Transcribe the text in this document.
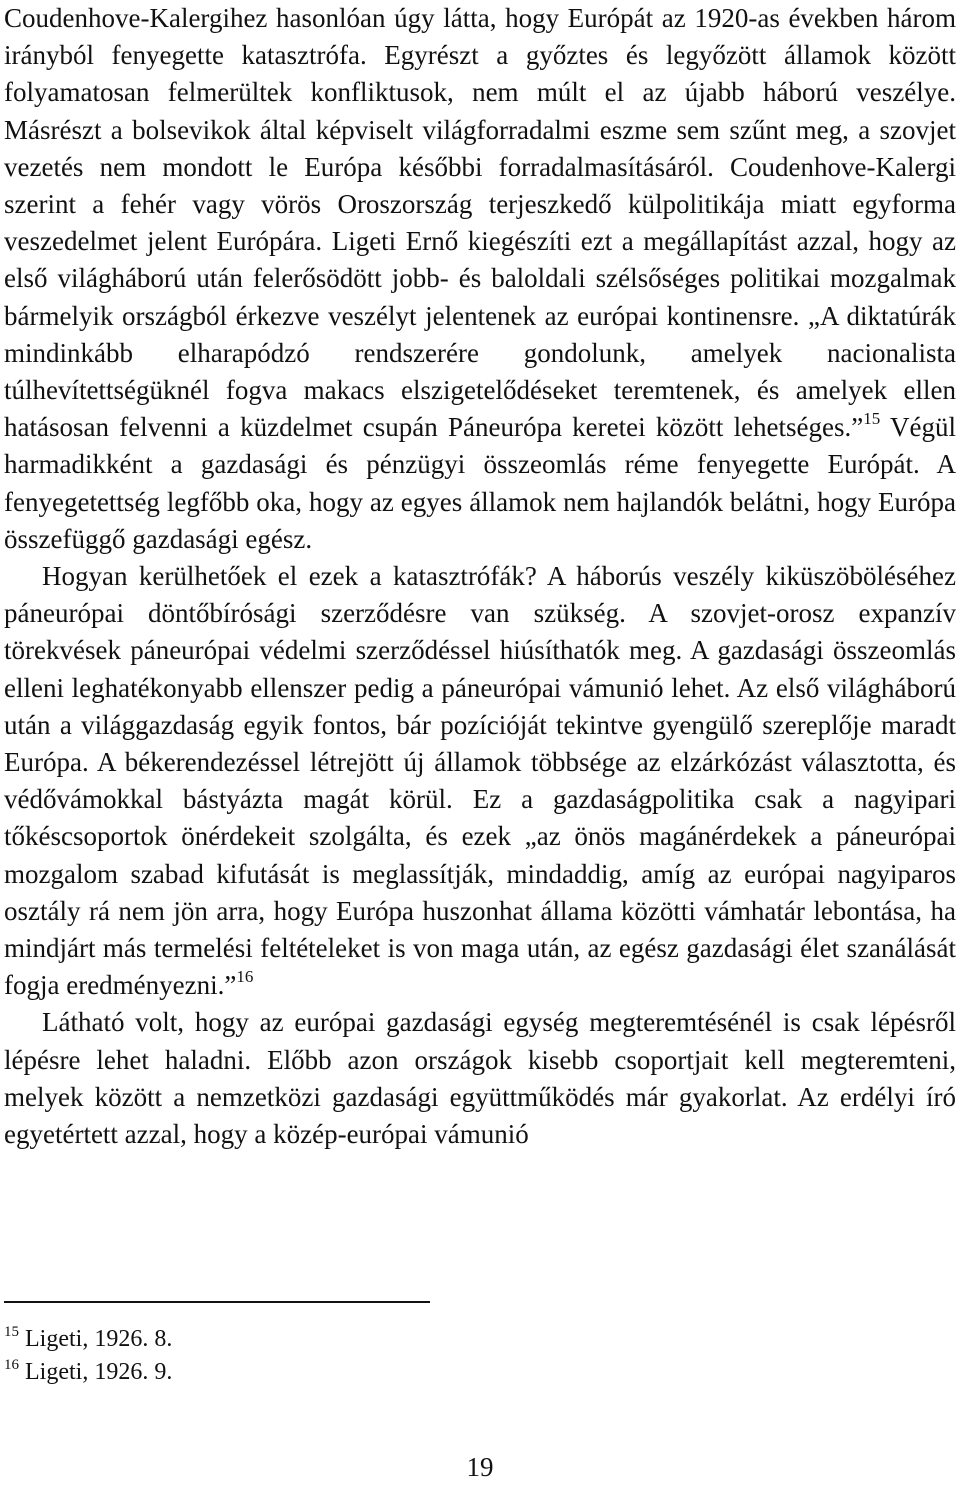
Coudenhove-Kalergihez hasonlóan úgy látta, hogy Európát az 1920-as években három irányból fenyegette katasztrófa. Egyrészt a győztes és legyőzött államok között folyamatosan felmerültek konfliktusok, nem múlt el az újabb háború veszélye. Másrészt a bolsevikok által képviselt világforradalmi eszme sem szűnt meg, a szovjet vezetés nem mondott le Európa későbbi forradalmasításáról. Coudenhove-Kalergi szerint a fehér vagy vörös Oroszország terjeszkedő külpolitikája miatt egyforma veszedelmet jelent Európára. Ligeti Ernő kiegészíti ezt a megállapítást azzal, hogy az első világháború után felerősödött jobb- és baloldali szélsőséges politikai mozgalmak bármelyik országból érkezve veszélyt jelentenek az európai kontinensre. „A diktatúrák mindinkább elharapódzó rendszerére gondolunk, amelyek nacionalista túlhevítettségüknél fogva makacs elszigetelődéseket teremtenek, és amelyek ellen hatásosan felvenni a küzdelmet csupán Páneurópa keretei között lehetséges.”$^{15}$ Végül harmadikként a gazdasági és pénzügyi összeomlás réme fenyegette Európát. A fenyegetettség legfőbb oka, hogy az egyes államok nem hajlandók belátni, hogy Európa összefüggő gazdasági egész.

Hogyan kerülhetőek el ezek a katasztrófák? A háborús veszély kiküszöböléséhez páneurópai döntőbírósági szerződésre van szükség. A szovjet-orosz expanzív törekvések páneurópai védelmi szerződéssel hiúsíthatók meg. A gazdasági összeomlás elleni leghatékonyabb ellenszer pedig a páneurópai vámunió lehet. Az első világháború után a világgazdaság egyik fontos, bár pozícióját tekintve gyengülő szereplője maradt Európa. A békerendezéssel létrejött új államok többsége az elzárkózást választotta, és védővámokkal bástyázta magát körül. Ez a gazdaságpolitika csak a nagyipari tőkéscsoportok önérdekeit szolgálta, és ezek „az önös magánérdekek a páneurópai mozgalom szabad kifutását is meglassítják, mindaddig, amíg az európai nagyiparos osztály rá nem jön arra, hogy Európa huszonhat állama közötti vámhatár lebontása, ha mindjárt más termelési feltételeket is von maga után, az egész gazdasági élet szanálását fogja eredményezni.”$^{16}$

Látható volt, hogy az európai gazdasági egység megteremtésénél is csak lépésről lépésre lehet haladni. Előbb azon országok kisebb csoportjait kell megteremteni, melyek között a nemzetközi gazdasági együttműködés már gyakorlat. Az erdélyi író egyetértett azzal, hogy a közép-európai vámunió

$^{15}$ Ligeti, 1926. 8.
$^{16}$ Ligeti, 1926. 9.
19
